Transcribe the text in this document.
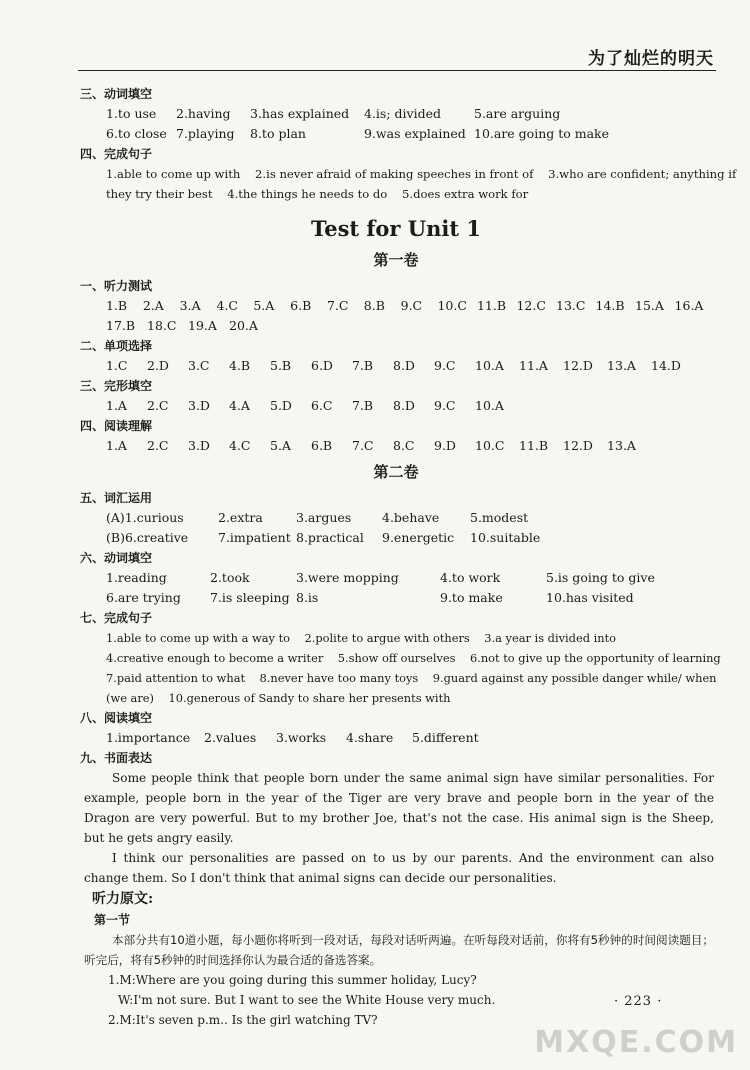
为了灿烂的明天
三、动词填空
1.to use	2.having	3.has explained	4.is; divided	5.are arguing
6.to close 7.playing	8.to plan	9.was explained 10.are going to make
四、完成句子
1.able to come up with    2.is never afraid of making speeches in front of    3.who are confident; anything if
they try their best    4.the things he needs to do    5.does extra work for
Test for Unit 1
第一卷
一、听力测试
1.B	2.A	3.A	4.C	5.A	6.B	7.C	8.B	9.C	10.C 11.B 12.C 13.C 14.B 15.A 16.A
17.B 18.C 19.A 20.A
二、单项选择
1.C	2.D	3.C	4.B	5.B	6.D	7.B	8.D	9.C	10.A	11.A	12.D	13.A	14.D
三、完形填空
1.A	2.C	3.D	4.A	5.D	6.C	7.B	8.D	9.C	10.A
四、阅读理解
1.A	2.C	3.D	4.C	5.A	6.B	7.C	8.C	9.D	10.C	11.B	12.D	13.A
第二卷
五、词汇运用
(A)1.curious	2.extra	3.argues	4.behave	5.modest
(B)6.creative	7.impatient 8.practical	9.energetic	10.suitable
六、动词填空
1.reading	2.took	3.were mopping	4.to work	5.is going to give
6.are trying	7.is sleeping 8.is	9.to make	10.has visited
七、完成句子
1.able to come up with a way to    2.polite to argue with others    3.a year is divided into
4.creative enough to become a writer    5.show off ourselves    6.not to give up the opportunity of learning
7.paid attention to what    8.never have too many toys    9.guard against any possible danger while/ when
(we are)    10.generous of Sandy to share her presents with
八、阅读填空
1.importance	2.values	3.works	4.share	5.different
九、书面表达

Some people think that people born under the same animal sign have similar personalities. For example, people born in the year of the Tiger are very brave and people born in the year of the Dragon are very powerful. But to my brother Joe, that's not the case. His animal sign is the Sheep, but he gets angry easily.

I think our personalities are passed on to us by our parents. And the environment can also change them. So I don't think that animal signs can decide our personalities.

听力原文:
第一节

本部分共有10道小题，每小题你将听到一段对话，每段对话听两遍。在听每段对话前，你将有5秒钟的时间阅读题目；听完后，将有5秒钟的时间选择你认为最合适的备选答案。

1.M:Where are you going during this summer holiday, Lucy?
W:I'm not sure. But I want to see the White House very much.
2.M:It's seven p.m.. Is the girl watching TV?
· 223 ·
MXQE.COM
